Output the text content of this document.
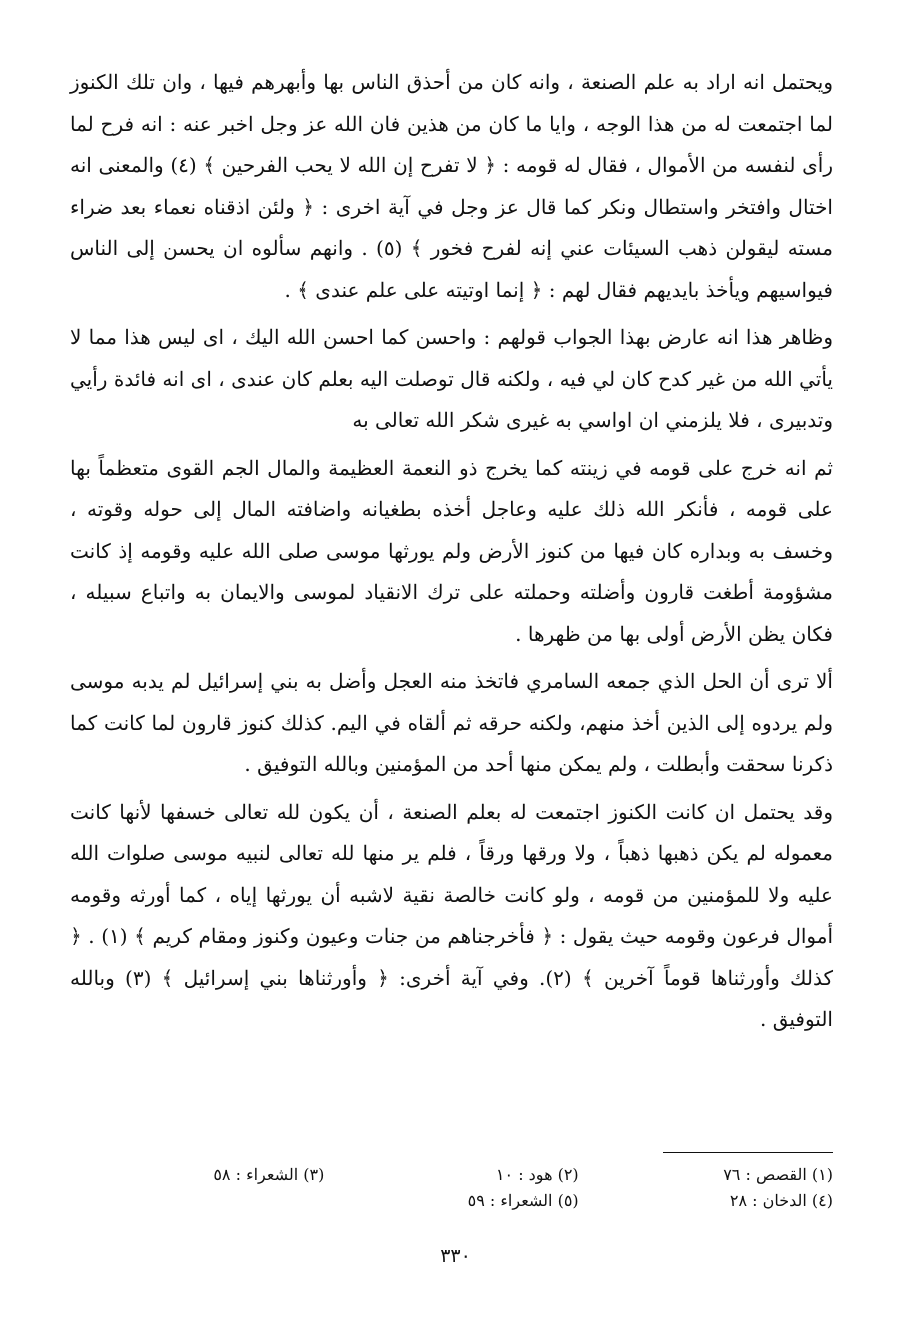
ويحتمل انه اراد به علم الصنعة ، وانه كان من أحذق الناس بها وأبهرهم فيها ، وان تلك الكنوز لما اجتمعت له من هذا الوجه ، وايا ما كان من هذين فان الله عز وجل اخبر عنه : انه فرح لما رأى لنفسه من الأموال ، فقال له قومه : ﴿ لا تفرح إن الله لا يحب الفرحين ﴾ (٤) والمعنى انه اختال وافتخر واستطال ونكر كما قال عز وجل في آية اخرى : ﴿ ولئن اذقناه نعماء بعد ضراء مسته ليقولن ذهب السيئات عني إنه لفرح فخور ﴾ (٥) . وانهم سألوه ان يحسن إلى الناس فيواسيهم ويأخذ بايديهم فقال لهم : ﴿ إنما اوتيته على علم عندى ﴾ .

وظاهر هذا انه عارض بهذا الجواب قولهم : واحسن كما احسن الله اليك ، اى ليس هذا مما لا يأتي الله من غير كدح كان لي فيه ، ولكنه قال توصلت اليه بعلم كان عندى ، اى انه فائدة رأيي وتدبيرى ، فلا يلزمني ان اواسي به غيرى شكر الله تعالى به

ثم انه خرج على قومه في زينته كما يخرج ذو النعمة العظيمة والمال الجم القوى متعظماً بها على قومه ، فأنكر الله ذلك عليه وعاجل أخذه بطغيانه واضافته المال إلى حوله وقوته ، وخسف به وبداره كان فيها من كنوز الأرض ولم يورثها موسى صلى الله عليه وقومه إذ كانت مشؤومة أطغت قارون وأضلته وحملته على ترك الانقياد لموسى والايمان به واتباع سبيله ، فكان يظن الأرض أولى بها من ظهرها .

ألا ترى أن الحل الذي جمعه السامري فاتخذ منه العجل وأضل به بني إسرائيل لم يدبه موسى ولم يردوه إلى الذين أخذ منهم، ولكنه حرقه ثم ألقاه في اليم. كذلك كنوز قارون لما كانت كما ذكرنا سحقت وأبطلت ، ولم يمكن منها أحد من المؤمنين وبالله التوفيق .

وقد يحتمل ان كانت الكنوز اجتمعت له بعلم الصنعة ، أن يكون لله تعالى خسفها لأنها كانت معموله لم يكن ذهبها ذهباً ، ولا ورقها ورقاً ، فلم ير منها لله تعالى لنبيه موسى صلوات الله عليه ولا للمؤمنين من قومه ، ولو كانت خالصة نقية لاشبه أن يورثها إياه ، كما أورثه وقومه أموال فرعون وقومه حيث يقول : ﴿ فأخرجناهم من جنات وعيون وكنوز ومقام كريم ﴾ (١) . ﴿ كذلك وأورثناها قوماً آخرين ﴾ (٢). وفي آية أخرى: ﴿ وأورثناها بني إسرائيل ﴾ (٣) وبالله التوفيق .

(١) القصص : ٧٦
(٢) هود : ١٠
(٣) الشعراء : ٥٨
(٤) الدخان : ٢٨
(٥) الشعراء : ٥٩
٣٣٠
